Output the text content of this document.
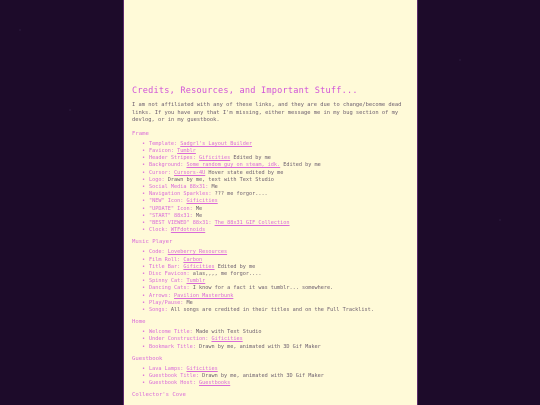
Credits, Resources, and Important Stuff...

I am not affiliated with any of these links, and they are due to change/become dead links. If you have any that I'm missing, either message me in my bug section of my devlog, or in my guestbook.

Frame
• Template: Sadgrl's Layout Builder
• Favicon: Tumblr
• Header Stripes: Gificities Edited by me
• Background: Some random guy on steam, idk. Edited by me
• Cursor: Cursors-4U Hover state edited by me
• Logo: Drawn by me, text with Text Studio
• Social Media 88x31: Me
• Navigation Sparkles: ??? me forgor....
• "NEW" Icon: Gificities
• "UPDATE" Icon: Me
• "START" 88x31: Me
• "BEST VIEWED" 88x31: The 88x31 GIF Collection
• Clock: WTFdotnoids
Music Player
• Code: Loveberry Resources
• Film Roll: Carbon
• Title Bar: Gificities Edited by me
• Disc Favicon: alas,,,, me forgor....
• Spinny Cat: Tumblr
• Dancing Cats: I know for a fact it was tumblr... somewhere.
• Arrows: Pavilion Masterbunk
• Play/Pause: Me
• Songs: All songs are credited in their titles and on the Full Tracklist.
Home
• Welcome Title: Made with Text Studio
• Under Construction: Gificities
• Bookmark Title: Drawn by me, animated with 3D Gif Maker
Guestbook
• Lava Lamps: Gificities
• Guestbook Title: Drawn by me, animated with 3D Gif Maker
• Guestbook Host: Guestbooks
Collector's Cove
